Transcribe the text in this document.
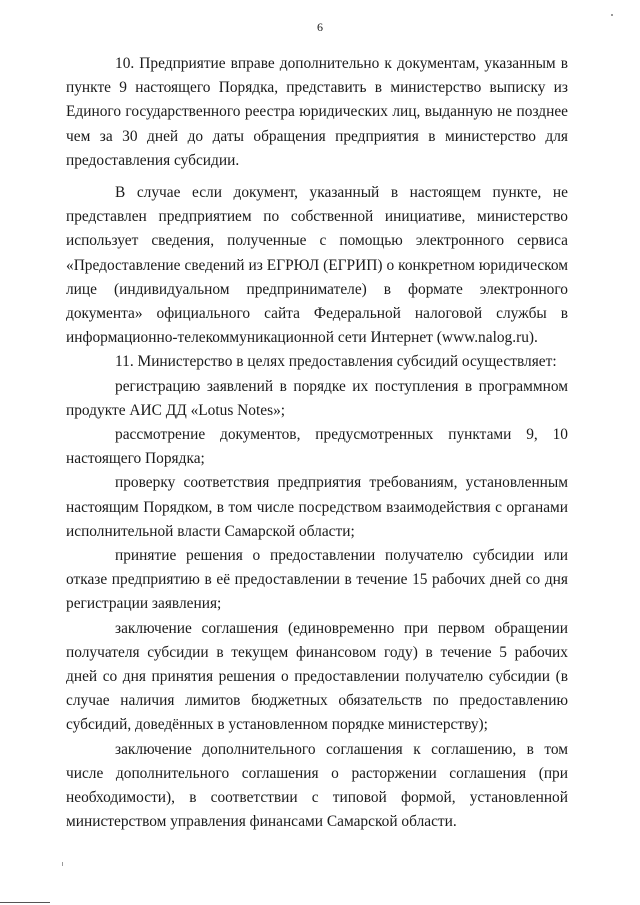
6

10. Предприятие вправе дополнительно к документам, указанным в пункте 9 настоящего Порядка, представить в министерство выписку из Единого государственного реестра юридических лиц, выданную не позднее чем за 30 дней до даты обращения предприятия в министерство для предоставления субсидии.

В случае если документ, указанный в настоящем пункте, не представлен предприятием по собственной инициативе, министерство использует сведения, полученные с помощью электронного сервиса «Предоставление сведений из ЕГРЮЛ (ЕГРИП) о конкретном юридическом лице (индивидуальном предпринимателе) в формате электронного документа» официального сайта Федеральной налоговой службы в информационно-телекоммуникационной сети Интернет (www.nalog.ru).

11. Министерство в целях предоставления субсидий осуществляет:

регистрацию заявлений в порядке их поступления в программном продукте АИС ДД «Lotus Notes»;

рассмотрение документов, предусмотренных пунктами 9, 10 настоящего Порядка;

проверку соответствия предприятия требованиям, установленным настоящим Порядком, в том числе посредством взаимодействия с органами исполнительной власти Самарской области;

принятие решения о предоставлении получателю субсидии или отказе предприятию в её предоставлении в течение 15 рабочих дней со дня регистрации заявления;

заключение соглашения (единовременно при первом обращении получателя субсидии в текущем финансовом году) в течение 5 рабочих дней со дня принятия решения о предоставлении получателю субсидии (в случае наличия лимитов бюджетных обязательств по предоставлению субсидий, доведённых в установленном порядке министерству);

заключение дополнительного соглашения к соглашению, в том числе дополнительного соглашения о расторжении соглашения (при необходимости), в соответствии с типовой формой, установленной министерством управления финансами Самарской области.
